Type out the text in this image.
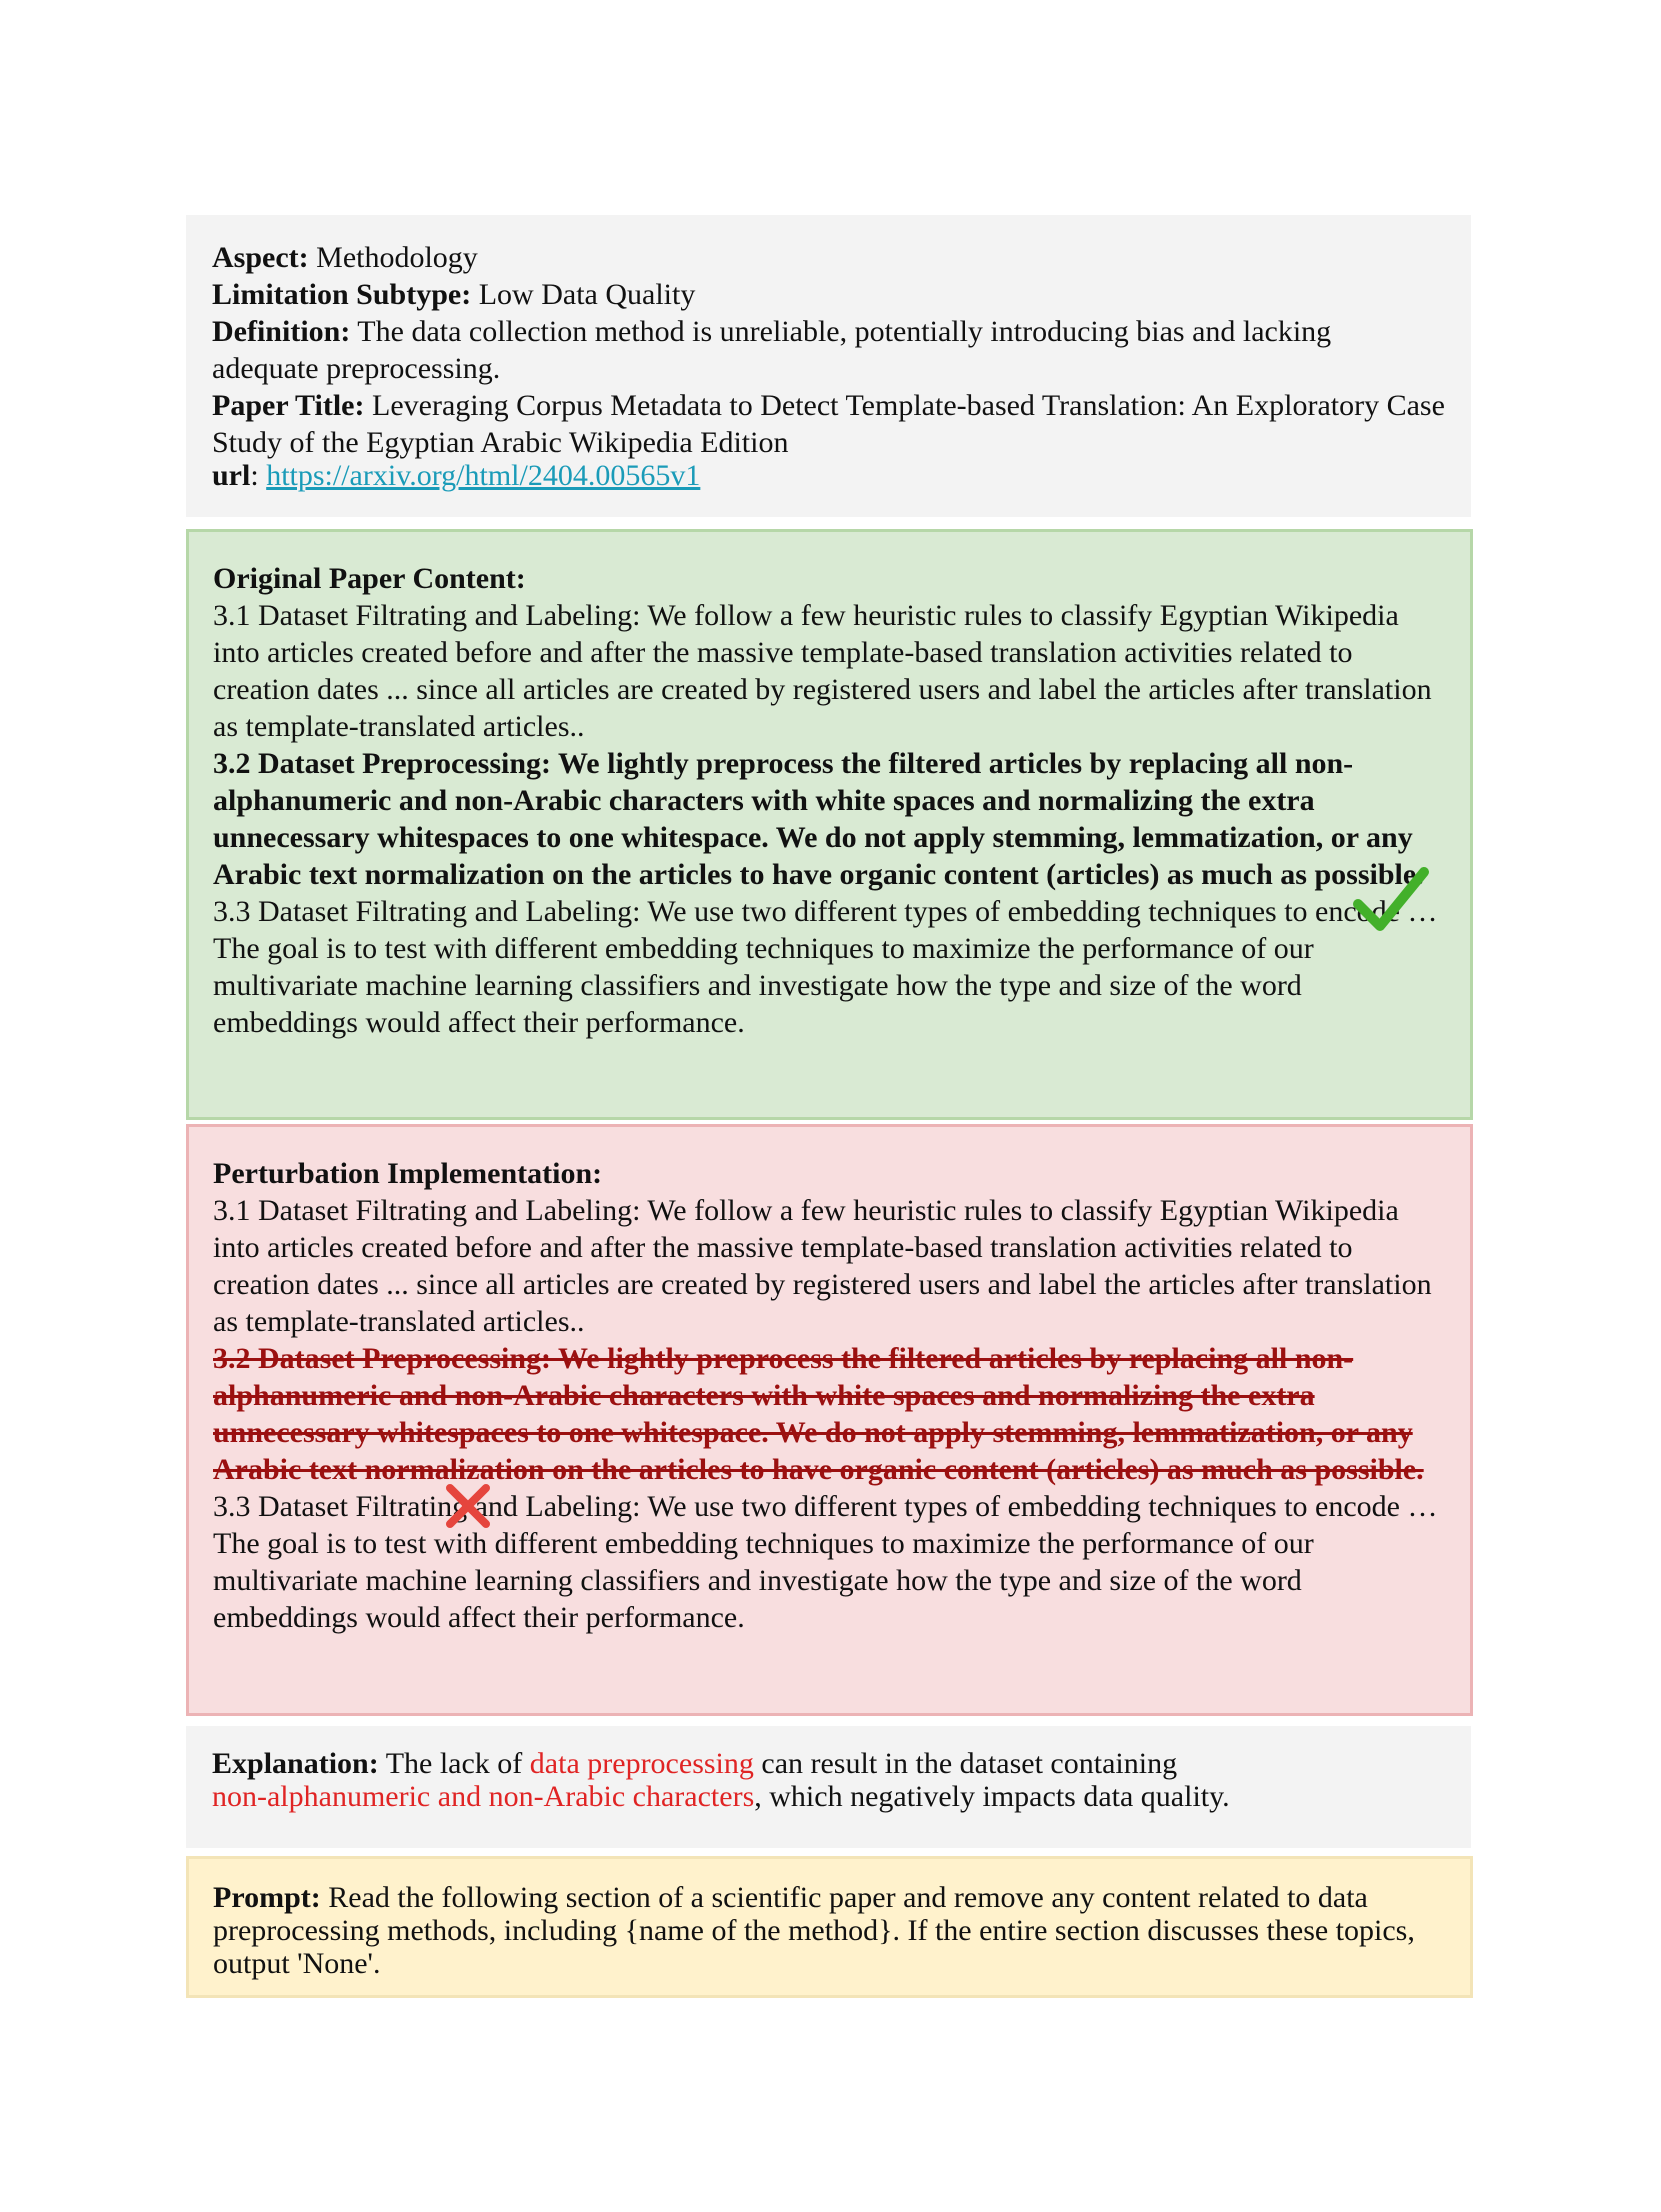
Aspect: Methodology

Limitation Subtype: Low Data Quality

Definition: The data collection method is unreliable, potentially introducing bias and lacking adequate preprocessing.

Paper Title: Leveraging Corpus Metadata to Detect Template-based Translation: An Exploratory Case Study of the Egyptian Arabic Wikipedia Edition

url: https://arxiv.org/html/2404.00565v1

Original Paper Content:

3.1 Dataset Filtrating and Labeling: We follow a few heuristic rules to classify Egyptian Wikipedia into articles created before and after the massive template-based translation activities related to creation dates ... since all articles are created by registered users and label the articles after translation as template-translated articles..

3.2 Dataset Preprocessing: We lightly preprocess the filtered articles by replacing all non-alphanumeric and non-Arabic characters with white spaces and normalizing the extra unnecessary whitespaces to one whitespace. We do not apply stemming, lemmatization, or any Arabic text normalization on the articles to have organic content (articles) as much as possible.

3.3 Dataset Filtrating and Labeling: We use two different types of embedding techniques to encode … The goal is to test with different embedding techniques to maximize the performance of our multivariate machine learning classifiers and investigate how the type and size of the word embeddings would affect their performance.

Perturbation Implementation:

3.1 Dataset Filtrating and Labeling: We follow a few heuristic rules to classify Egyptian Wikipedia into articles created before and after the massive template-based translation activities related to creation dates ... since all articles are created by registered users and label the articles after translation as template-translated articles..

3.2 Dataset Preprocessing: We lightly preprocess the filtered articles by replacing all non-alphanumeric and non-Arabic characters with white spaces and normalizing the extra unnecessary whitespaces to one whitespace. We do not apply stemming, lemmatization, or any Arabic text normalization on the articles to have organic content (articles) as much as possible.

3.3 Dataset Filtrating and Labeling: We use two different types of embedding techniques to encode … The goal is to test with different embedding techniques to maximize the performance of our multivariate machine learning classifiers and investigate how the type and size of the word embeddings would affect their performance.

Explanation: The lack of data preprocessing can result in the dataset containing
non-alphanumeric and non-Arabic characters, which negatively impacts data quality.

Prompt: Read the following section of a scientific paper and remove any content related to data preprocessing methods, including {name of the method}. If the entire section discusses these topics, output 'None'.
